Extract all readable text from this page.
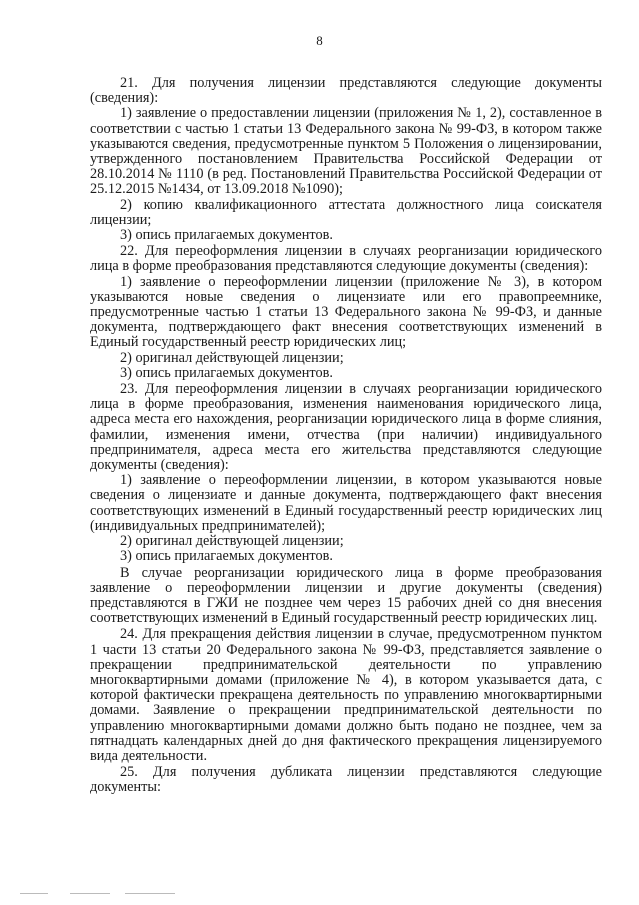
8

21. Для получения лицензии представляются следующие документы (сведения):

1) заявление о предоставлении лицензии (приложения № 1, 2), составленное в соответствии с частью 1 статьи 13 Федерального закона № 99-ФЗ, в котором также указываются сведения, предусмотренные пунктом 5 Положения о лицензировании, утвержденного постановлением Правительства Российской Федерации от 28.10.2014 № 1110 (в ред. Постановлений Правительства Российской Федерации от 25.12.2015 №1434, от 13.09.2018 №1090);

2) копию квалификационного аттестата должностного лица соискателя лицензии;

3) опись прилагаемых документов.

22. Для переоформления лицензии в случаях реорганизации юридического лица в форме преобразования представляются следующие документы (сведения):

1) заявление о переоформлении лицензии (приложение № 3), в котором указываются новые сведения о лицензиате или его правопреемнике, предусмотренные частью 1 статьи 13 Федерального закона № 99-ФЗ, и данные документа, подтверждающего факт внесения соответствующих изменений в Единый государственный реестр юридических лиц;

2) оригинал действующей лицензии;

3) опись прилагаемых документов.

23. Для переоформления лицензии в случаях реорганизации юридического лица в форме преобразования, изменения наименования юридического лица, адреса места его нахождения, реорганизации юридического лица в форме слияния, фамилии, изменения имени, отчества (при наличии) индивидуального предпринимателя, адреса места его жительства представляются следующие документы (сведения):

1) заявление о переоформлении лицензии, в котором указываются новые сведения о лицензиате и данные документа, подтверждающего факт внесения соответствующих изменений в Единый государственный реестр юридических лиц (индивидуальных предпринимателей);

2) оригинал действующей лицензии;

3) опись прилагаемых документов.

В случае реорганизации юридического лица в форме преобразования заявление о переоформлении лицензии и другие документы (сведения) представляются в ГЖИ не позднее чем через 15 рабочих дней со дня внесения соответствующих изменений в Единый государственный реестр юридических лиц.

24. Для прекращения действия лицензии в случае, предусмотренном пунктом 1 части 13 статьи 20 Федерального закона № 99-ФЗ, представляется заявление о прекращении предпринимательской деятельности по управлению многоквартирными домами (приложение № 4), в котором указывается дата, с которой фактически прекращена деятельность по управлению многоквартирными домами. Заявление о прекращении предпринимательской деятельности по управлению многоквартирными домами должно быть подано не позднее, чем за пятнадцать календарных дней до дня фактического прекращения лицензируемого вида деятельности.

25. Для получения дубликата лицензии представляются следующие документы:
